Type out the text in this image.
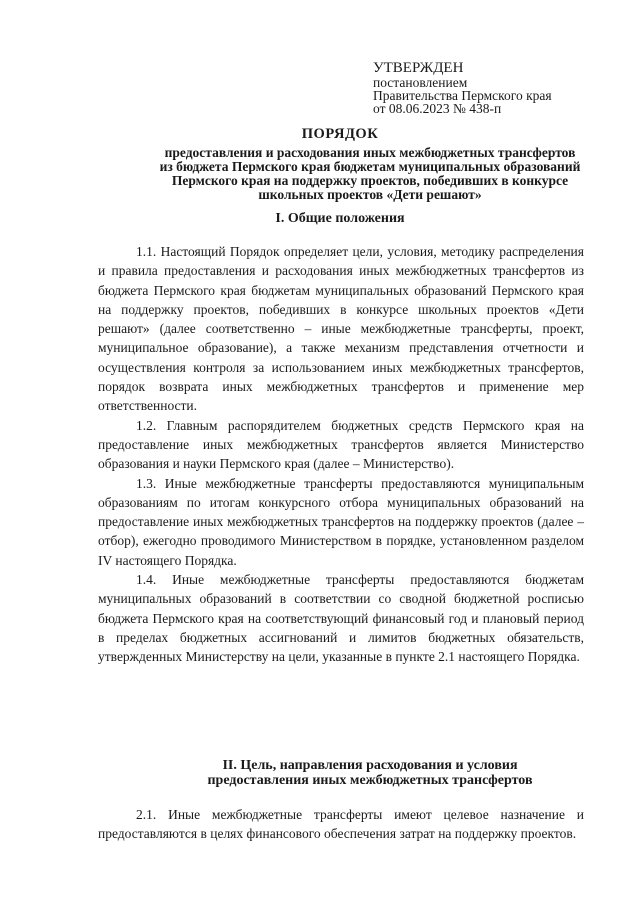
УТВЕРЖДЕН
постановлением
Правительства Пермского края
от 08.06.2023 № 438-п
ПОРЯДОК
предоставления и расходования иных межбюджетных трансфертов
из бюджета Пермского края бюджетам муниципальных образований
Пермского края на поддержку проектов, победивших в конкурсе
школьных проектов «Дети решают»
I. Общие положения

1.1. Настоящий Порядок определяет цели, условия, методику распределения и правила предоставления и расходования иных межбюджетных трансфертов из бюджета Пермского края бюджетам муниципальных образований Пермского края на поддержку проектов, победивших в конкурсе школьных проектов «Дети решают» (далее соответственно – иные межбюджетные трансферты, проект, муниципальное образование), а также механизм представления отчетности и осуществления контроля за использованием иных межбюджетных трансфертов, порядок возврата иных межбюджетных трансфертов и применение мер ответственности.

1.2. Главным распорядителем бюджетных средств Пермского края на предоставление иных межбюджетных трансфертов является Министерство образования и науки Пермского края (далее – Министерство).

1.3. Иные межбюджетные трансферты предоставляются муниципальным образованиям по итогам конкурсного отбора муниципальных образований на предоставление иных межбюджетных трансфертов на поддержку проектов (далее – отбор), ежегодно проводимого Министерством в порядке, установленном разделом IV настоящего Порядка.

1.4. Иные межбюджетные трансферты предоставляются бюджетам муниципальных образований в соответствии со сводной бюджетной росписью бюджета Пермского края на соответствующий финансовый год и плановый период в пределах бюджетных ассигнований и лимитов бюджетных обязательств, утвержденных Министерству на цели, указанные в пункте 2.1 настоящего Порядка.

II. Цель, направления расходования и условия
предоставления иных межбюджетных трансфертов

2.1. Иные межбюджетные трансферты имеют целевое назначение и предоставляются в целях финансового обеспечения затрат на поддержку проектов.
